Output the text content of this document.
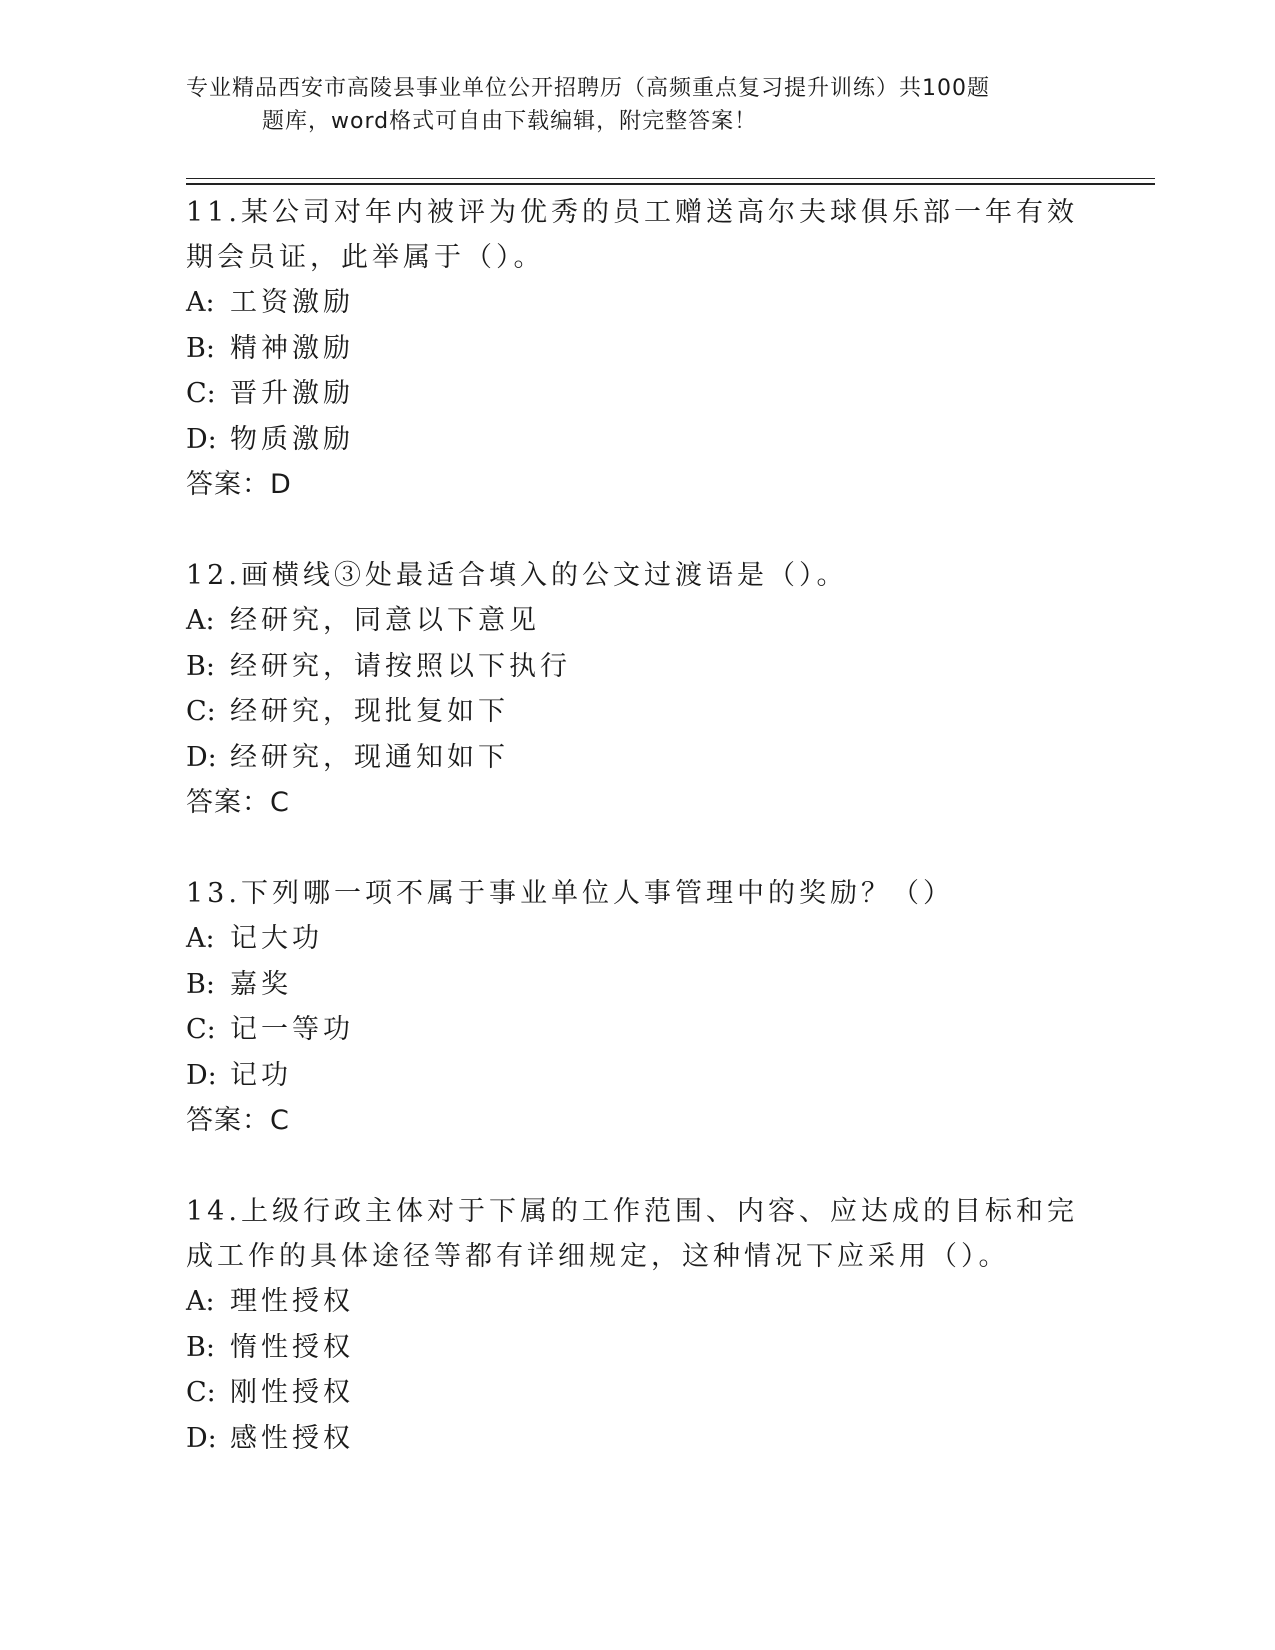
专业精品西安市高陵县事业单位公开招聘历（高频重点复习提升训练）共100题
题库，word格式可自由下载编辑，附完整答案！

11.某公司对年内被评为优秀的员工赠送高尔夫球俱乐部一年有效期会员证，此举属于（）。

A: 工资激励

B: 精神激励

C: 晋升激励

D: 物质激励

答案：D

12.画横线③处最适合填入的公文过渡语是（）。

A: 经研究，同意以下意见

B: 经研究，请按照以下执行

C: 经研究，现批复如下

D: 经研究，现通知如下

答案：C

13.下列哪一项不属于事业单位人事管理中的奖励？（）

A: 记大功

B: 嘉奖

C: 记一等功

D: 记功

答案：C

14.上级行政主体对于下属的工作范围、内容、应达成的目标和完成工作的具体途径等都有详细规定，这种情况下应采用（）。

A: 理性授权

B: 惰性授权

C: 刚性授权

D: 感性授权
